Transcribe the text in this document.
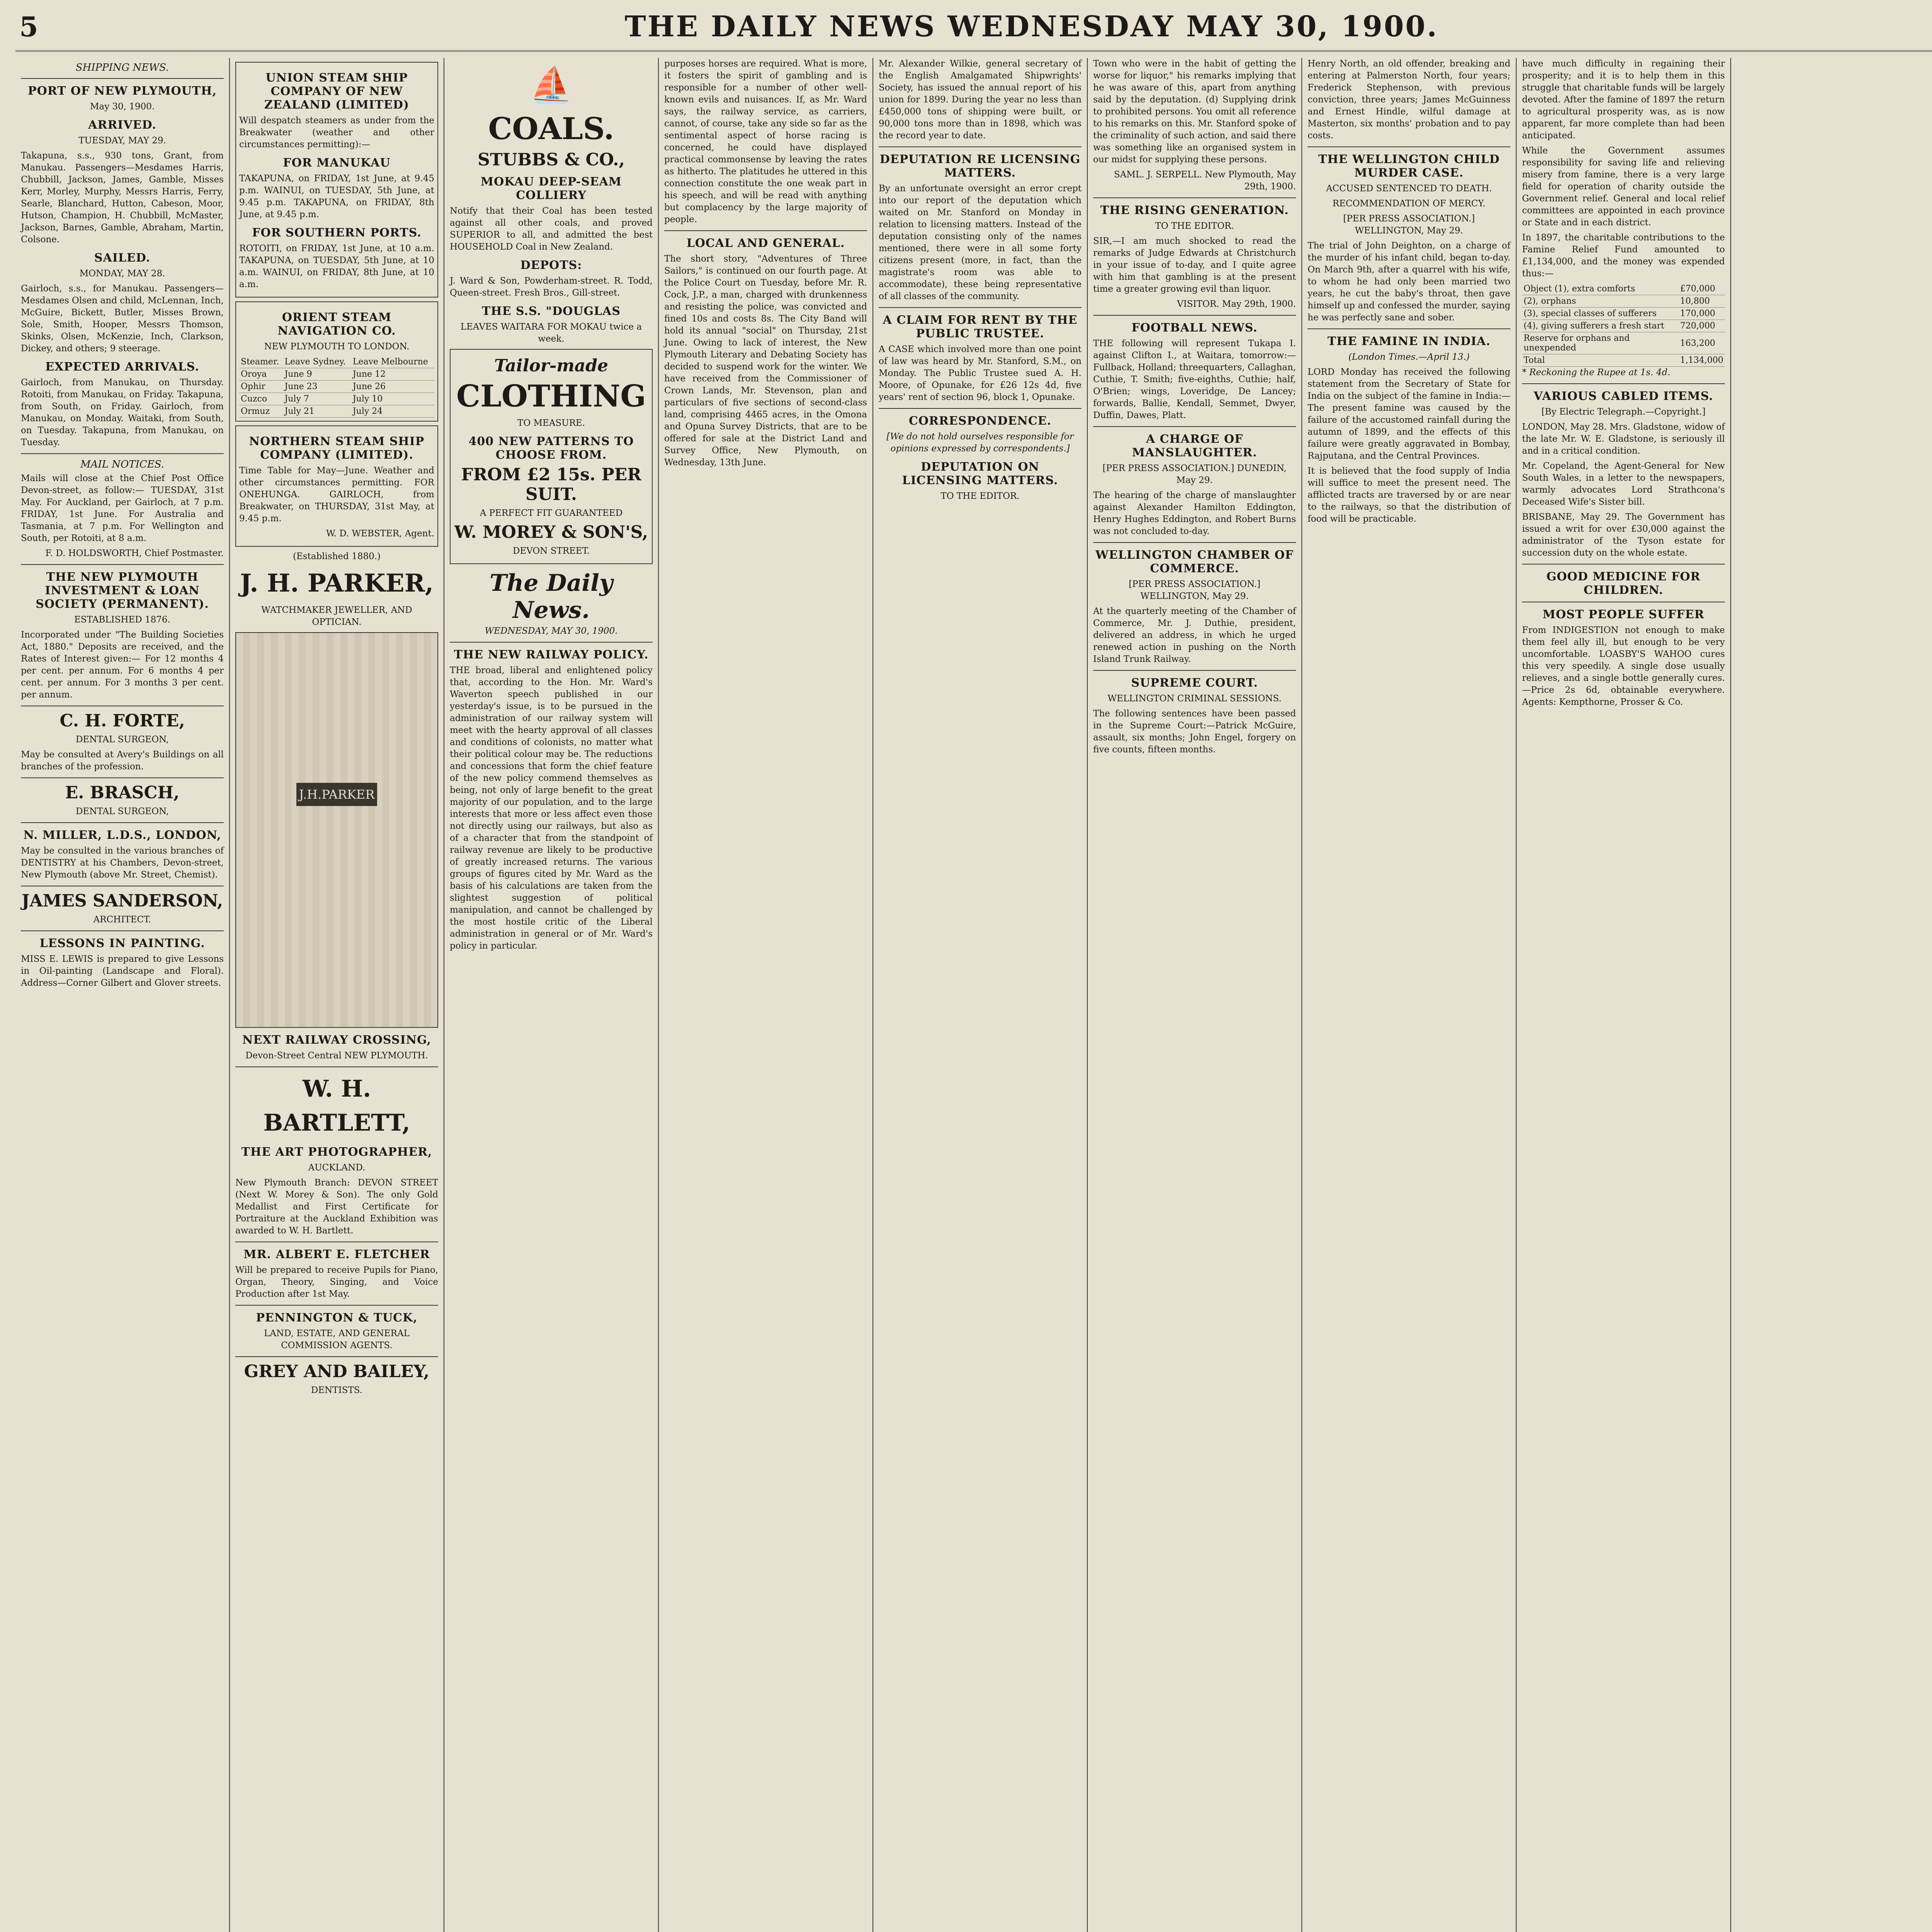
5	THE DAILY NEWS WEDNESDAY MAY 30, 1900.
SHIPPING NEWS.
PORT OF NEW PLYMOUTH,

May 30, 1900.

ARRIVED.

TUESDAY, MAY 29.

Takapuna, s.s., 930 tons, Grant, from Manukau. Passengers—Mesdames Harris, Chubbill, Jackson, James, Gamble, Misses Kerr, Morley, Murphy, Messrs Harris, Ferry, Searle, Blanchard, Hutton, Cabeson, Moor, Hutson, Champion, H. Chubbill, McMaster, Jackson, Barnes, Gamble, Abraham, Martin, Colsone.

SAILED.

MONDAY, MAY 28.

Gairloch, s.s., for Manukau. Passengers—Mesdames Olsen and child, McLennan, Inch, McGuire, Bickett, Butler, Misses Brown, Sole, Smith, Hooper, Messrs Thomson, Skinks, Olsen, McKenzie, Inch, Clarkson, Dickey, and others; 9 steerage.

EXPECTED ARRIVALS.

Gairloch, from Manukau, on Thursday. Rotoiti, from Manukau, on Friday. Takapuna, from South, on Friday. Gairloch, from Manukau, on Monday. Waitaki, from South, on Tuesday. Takapuna, from Manukau, on Tuesday.

MAIL NOTICES.

Mails will close at the Chief Post Office Devon-street, as follow:— TUESDAY, 31st May. For Auckland, per Gairloch, at 7 p.m. FRIDAY, 1st June. For Australia and Tasmania, at 7 p.m. For Wellington and South, per Rotoiti, at 8 a.m.

F. D. HOLDSWORTH, Chief Postmaster.

THE NEW PLYMOUTH INVESTMENT & LOAN SOCIETY (PERMANENT).

ESTABLISHED 1876.

Incorporated under "The Building Societies Act, 1880." Deposits are received, and the Rates of Interest given:— For 12 months 4 per cent. per annum. For 6 months 4 per cent. per annum. For 3 months 3 per cent. per annum.

C. H. FORTE,

DENTAL SURGEON,

May be consulted at Avery's Buildings on all branches of the profession.

E. BRASCH,

DENTAL SURGEON,

N. MILLER, L.D.S., LONDON,

May be consulted in the various branches of DENTISTRY at his Chambers, Devon-street, New Plymouth (above Mr. Street, Chemist).

JAMES SANDERSON,

ARCHITECT.

LESSONS IN PAINTING.

MISS E. LEWIS is prepared to give Lessons in Oil-painting (Landscape and Floral). Address—Corner Gilbert and Glover streets.

UNION STEAM SHIP COMPANY OF NEW ZEALAND (LIMITED)

Will despatch steamers as under from the Breakwater (weather and other circumstances permitting):—

FOR MANUKAU

TAKAPUNA, on FRIDAY, 1st June, at 9.45 p.m. WAINUI, on TUESDAY, 5th June, at 9.45 p.m. TAKAPUNA, on FRIDAY, 8th June, at 9.45 p.m.

FOR SOUTHERN PORTS.

ROTOITI, on FRIDAY, 1st June, at 10 a.m. TAKAPUNA, on TUESDAY, 5th June, at 10 a.m. WAINUI, on FRIDAY, 8th June, at 10 a.m.

ORIENT STEAM NAVIGATION CO.

NEW PLYMOUTH TO LONDON.

Steamer.	Leave Sydney.	Leave Melbourne
Oroya	June 9	June 12
Ophir	June 23	June 26
Cuzco	July 7	July 10
Ormuz	July 21	July 24
NORTHERN STEAM SHIP COMPANY (LIMITED).

Time Table for May—June. Weather and other circumstances permitting. FOR ONEHUNGA. GAIRLOCH, from Breakwater, on THURSDAY, 31st May, at 9.45 p.m.

W. D. WEBSTER, Agent.

(Established 1880.)

J. H. PARKER,

WATCHMAKER JEWELLER, AND OPTICIAN.

J.H.PARKER
NEXT RAILWAY CROSSING,

Devon-Street Central NEW PLYMOUTH.

W. H. BARTLETT,
THE ART PHOTOGRAPHER,

AUCKLAND.

New Plymouth Branch: DEVON STREET (Next W. Morey & Son). The only Gold Medallist and First Certificate for Portraiture at the Auckland Exhibition was awarded to W. H. Bartlett.

MR. ALBERT E. FLETCHER

Will be prepared to receive Pupils for Piano, Organ, Theory, Singing, and Voice Production after 1st May.

PENNINGTON & TUCK,

LAND, ESTATE, AND GENERAL COMMISSION AGENTS.

GREY AND BAILEY,

DENTISTS.

⛵
COALS.
STUBBS & CO.,
MOKAU DEEP-SEAM COLLIERY

Notify that their Coal has been tested against all other coals, and proved SUPERIOR to all, and admitted the best HOUSEHOLD Coal in New Zealand.

DEPOTS:

J. Ward & Son, Powderham-street. R. Todd, Queen-street. Fresh Bros., Gill-street.

THE S.S. "DOUGLAS

LEAVES WAITARA FOR MOKAU twice a week.

Tailor-made
CLOTHING

TO MEASURE.

400 NEW PATTERNS TO CHOOSE FROM.
FROM £2 15s. PER SUIT.

A PERFECT FIT GUARANTEED

W. MOREY & SON'S,

DEVON STREET.

The Daily News.

WEDNESDAY, MAY 30, 1900.

THE NEW RAILWAY POLICY.

THE broad, liberal and enlightened policy that, according to the Hon. Mr. Ward's Waverton speech published in our yesterday's issue, is to be pursued in the administration of our railway system will meet with the hearty approval of all classes and conditions of colonists, no matter what their political colour may be. The reductions and concessions that form the chief feature of the new policy commend themselves as being, not only of large benefit to the great majority of our population, and to the large interests that more or less affect even those not directly using our railways, but also as of a character that from the standpoint of railway revenue are likely to be productive of greatly increased returns. The various groups of figures cited by Mr. Ward as the basis of his calculations are taken from the slightest suggestion of political manipulation, and cannot be challenged by the most hostile critic of the Liberal administration in general or of Mr. Ward's policy in particular.

purposes horses are required. What is more, it fosters the spirit of gambling and is responsible for a number of other well-known evils and nuisances. If, as Mr. Ward says, the railway service, as carriers, cannot, of course, take any side so far as the sentimental aspect of horse racing is concerned, he could have displayed practical commonsense by leaving the rates as hitherto. The platitudes he uttered in this connection constitute the one weak part in his speech, and will be read with anything but complacency by the large majority of people.

LOCAL AND GENERAL.

The short story, "Adventures of Three Sailors," is continued on our fourth page. At the Police Court on Tuesday, before Mr. R. Cock, J.P., a man, charged with drunkenness and resisting the police, was convicted and fined 10s and costs 8s. The City Band will hold its annual "social" on Thursday, 21st June. Owing to lack of interest, the New Plymouth Literary and Debating Society has decided to suspend work for the winter. We have received from the Commissioner of Crown Lands, Mr. Stevenson, plan and particulars of five sections of second-class land, comprising 4465 acres, in the Omona and Opuna Survey Districts, that are to be offered for sale at the District Land and Survey Office, New Plymouth, on Wednesday, 13th June.

Mr. Alexander Wilkie, general secretary of the English Amalgamated Shipwrights' Society, has issued the annual report of his union for 1899. During the year no less than £450,000 tons of shipping were built, or 90,000 tons more than in 1898, which was the record year to date.

DEPUTATION RE LICENSING MATTERS.

By an unfortunate oversight an error crept into our report of the deputation which waited on Mr. Stanford on Monday in relation to licensing matters. Instead of the deputation consisting only of the names mentioned, there were in all some forty citizens present (more, in fact, than the magistrate's room was able to accommodate), these being representative of all classes of the community.

A CLAIM FOR RENT BY THE PUBLIC TRUSTEE.

A CASE which involved more than one point of law was heard by Mr. Stanford, S.M., on Monday. The Public Trustee sued A. H. Moore, of Opunake, for £26 12s 4d, five years' rent of section 96, block 1, Opunake.

CORRESPONDENCE.

[We do not hold ourselves responsible for opinions expressed by correspondents.]

DEPUTATION ON LICENSING MATTERS.

TO THE EDITOR.

Town who were in the habit of getting the worse for liquor," his remarks implying that he was aware of this, apart from anything said by the deputation. (d) Supplying drink to prohibited persons. You omit all reference to his remarks on this. Mr. Stanford spoke of the criminality of such action, and said there was something like an organised system in our midst for supplying these persons.

SAML. J. SERPELL. New Plymouth, May 29th, 1900.

THE RISING GENERATION.

TO THE EDITOR.

SIR,—I am much shocked to read the remarks of Judge Edwards at Christchurch in your issue of to-day, and I quite agree with him that gambling is at the present time a greater growing evil than liquor.

VISITOR. May 29th, 1900.

FOOTBALL NEWS.

THE following will represent Tukapa I. against Clifton I., at Waitara, tomorrow:—Fullback, Holland; threequarters, Callaghan, Cuthie, T. Smith; five-eighths, Cuthie; half, O'Brien; wings, Loveridge, De Lancey; forwards, Ballie, Kendall, Semmet, Dwyer, Duffin, Dawes, Platt.

A CHARGE OF MANSLAUGHTER.

[PER PRESS ASSOCIATION.] DUNEDIN, May 29.

The hearing of the charge of manslaughter against Alexander Hamilton Eddington, Henry Hughes Eddington, and Robert Burns was not concluded to-day.

WELLINGTON CHAMBER OF COMMERCE.

[PER PRESS ASSOCIATION.] WELLINGTON, May 29.

At the quarterly meeting of the Chamber of Commerce, Mr. J. Duthie, president, delivered an address, in which he urged renewed action in pushing on the North Island Trunk Railway.

SUPREME COURT.

WELLINGTON CRIMINAL SESSIONS.

The following sentences have been passed in the Supreme Court:—Patrick McGuire, assault, six months; John Engel, forgery on five counts, fifteen months.

Henry North, an old offender, breaking and entering at Palmerston North, four years; Frederick Stephenson, with previous conviction, three years; James McGuinness and Ernest Hindle, wilful damage at Masterton, six months' probation and to pay costs.

THE WELLINGTON CHILD MURDER CASE.

ACCUSED SENTENCED TO DEATH.

RECOMMENDATION OF MERCY.

[PER PRESS ASSOCIATION.] WELLINGTON, May 29.

The trial of John Deighton, on a charge of the murder of his infant child, began to-day. On March 9th, after a quarrel with his wife, to whom he had only been married two years, he cut the baby's throat, then gave himself up and confessed the murder, saying he was perfectly sane and sober.

THE FAMINE IN INDIA.

(London Times.—April 13.)

LORD Monday has received the following statement from the Secretary of State for India on the subject of the famine in India:— The present famine was caused by the failure of the accustomed rainfall during the autumn of 1899, and the effects of this failure were greatly aggravated in Bombay, Rajputana, and the Central Provinces.

It is believed that the food supply of India will suffice to meet the present need. The afflicted tracts are traversed by or are near to the railways, so that the distribution of food will be practicable.

have much difficulty in regaining their prosperity; and it is to help them in this struggle that charitable funds will be largely devoted. After the famine of 1897 the return to agricultural prosperity was, as is now apparent, far more complete than had been anticipated.

While the Government assumes responsibility for saving life and relieving misery from famine, there is a very large field for operation of charity outside the Government relief. General and local relief committees are appointed in each province or State and in each district.

In 1897, the charitable contributions to the Famine Relief Fund amounted to £1,134,000, and the money was expended thus:—

Object (1), extra comforts	£70,000
(2), orphans	10,800
(3), special classes of sufferers	170,000
(4), giving sufferers a fresh start	720,000
Reserve for orphans and unexpended	163,200
Total	1,134,000

* Reckoning the Rupee at 1s. 4d.

VARIOUS CABLED ITEMS.

[By Electric Telegraph.—Copyright.]

LONDON, May 28. Mrs. Gladstone, widow of the late Mr. W. E. Gladstone, is seriously ill and in a critical condition.

Mr. Copeland, the Agent-General for New South Wales, in a letter to the newspapers, warmly advocates Lord Strathcona's Deceased Wife's Sister bill.

BRISBANE, May 29. The Government has issued a writ for over £30,000 against the administrator of the Tyson estate for succession duty on the whole estate.

GOOD MEDICINE FOR CHILDREN.
MOST PEOPLE SUFFER

From INDIGESTION not enough to make them feel ally ill, but enough to be very uncomfortable. LOASBY'S WAHOO cures this very speedily. A single dose usually relieves, and a single bottle generally cures.—Price 2s 6d, obtainable everywhere. Agents: Kempthorne, Prosser & Co.
